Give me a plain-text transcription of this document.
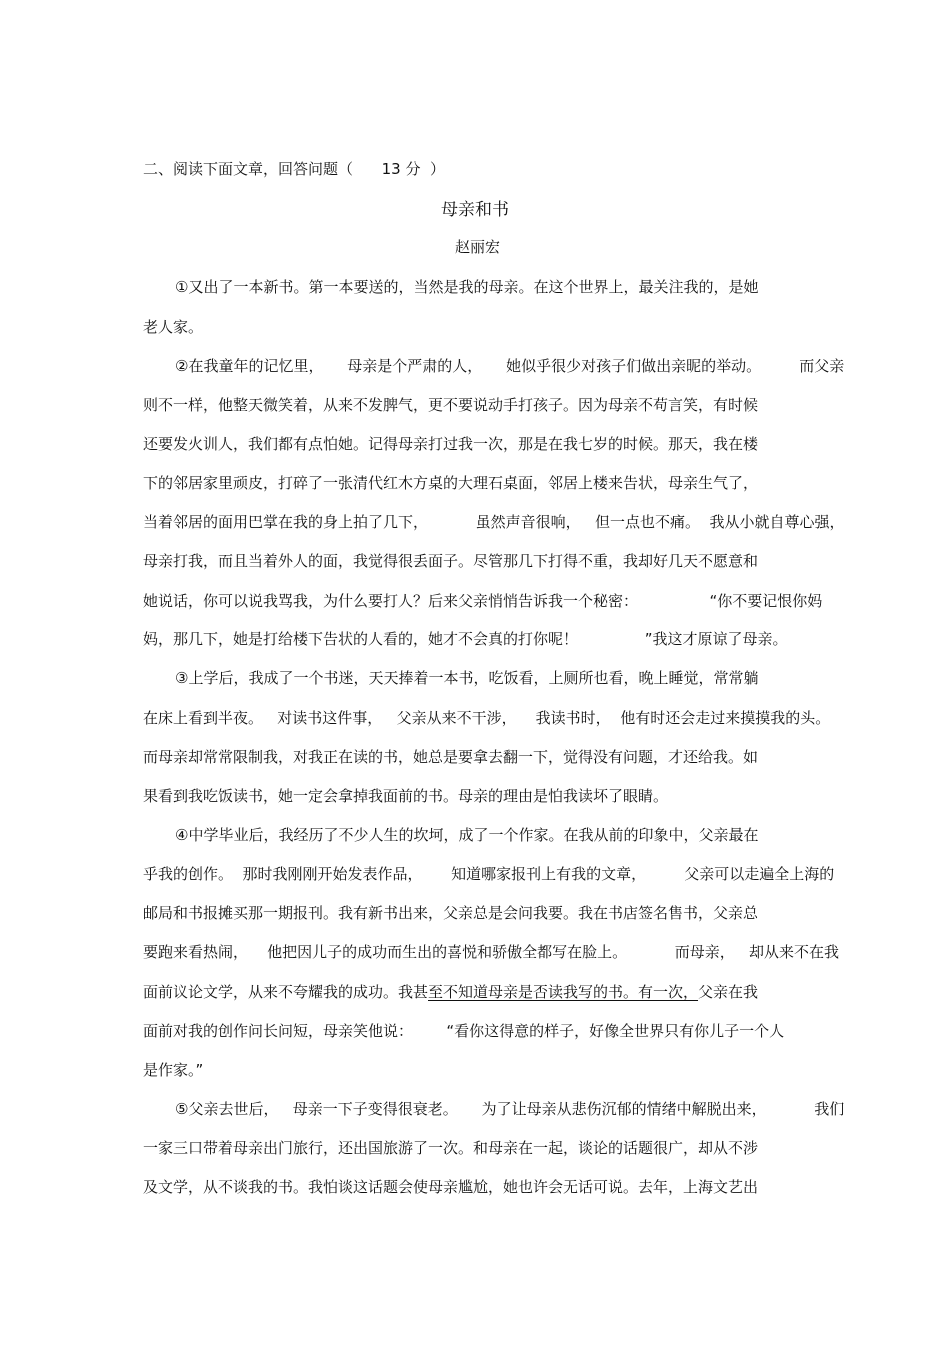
二、阅读下面文章，回答问题（      13 分  ）
母亲和书
赵丽宏
①又出了一本新书。第一本要送的，当然是我的母亲。在这个世界上，最关注我的，是她
老人家。
②在我童年的记忆里，     母亲是个严肃的人，     她似乎很少对孩子们做出亲昵的举动。        而父亲
则不一样，他整天微笑着，从来不发脾气，更不要说动手打孩子。因为母亲不苟言笑，有时候
还要发火训人，我们都有点怕她。记得母亲打过我一次，那是在我七岁的时候。那天，我在楼
下的邻居家里顽皮，打碎了一张清代红木方桌的大理石桌面，邻居上楼来告状，母亲生气了，
当着邻居的面用巴掌在我的身上拍了几下，          虽然声音很响，   但一点也不痛。  我从小就自尊心强，
母亲打我，而且当着外人的面，我觉得很丢面子。尽管那几下打得不重，我却好几天不愿意和
她说话，你可以说我骂我，为什么要打人？后来父亲悄悄告诉我一个秘密：               “你不要记恨你妈
妈，那几下，她是打给楼下告状的人看的，她才不会真的打你呢！              ”我这才原谅了母亲。
③上学后，我成了一个书迷，天天捧着一本书，吃饭看，上厕所也看，晚上睡觉，常常躺
在床上看到半夜。   对读书这件事，   父亲从来不干涉，    我读书时，  他有时还会走过来摸摸我的头。
而母亲却常常限制我，对我正在读的书，她总是要拿去翻一下，觉得没有问题，才还给我。如
果看到我吃饭读书，她一定会拿掉我面前的书。母亲的理由是怕我读坏了眼睛。
④中学毕业后，我经历了不少人生的坎坷，成了一个作家。在我从前的印象中，父亲最在
乎我的创作。  那时我刚刚开始发表作品，      知道哪家报刊上有我的文章，        父亲可以走遍全上海的
邮局和书报摊买那一期报刊。我有新书出来，父亲总是会问我要。我在书店签名售书，父亲总
要跑来看热闹，    他把因儿子的成功而生出的喜悦和骄傲全都写在脸上。          而母亲，   却从来不在我
面前议论文学，从来不夸耀我的成功。我甚至不知道母亲是否读我写的书。有一次，父亲在我
面前对我的创作问长问短，母亲笑他说：       “看你这得意的样子，好像全世界只有你儿子一个人
是作家。”
⑤父亲去世后，   母亲一下子变得很衰老。     为了让母亲从悲伤沉郁的情绪中解脱出来，          我们
一家三口带着母亲出门旅行，还出国旅游了一次。和母亲在一起，谈论的话题很广，却从不涉
及文学，从不谈我的书。我怕谈这话题会使母亲尴尬，她也许会无话可说。去年，上海文艺出
